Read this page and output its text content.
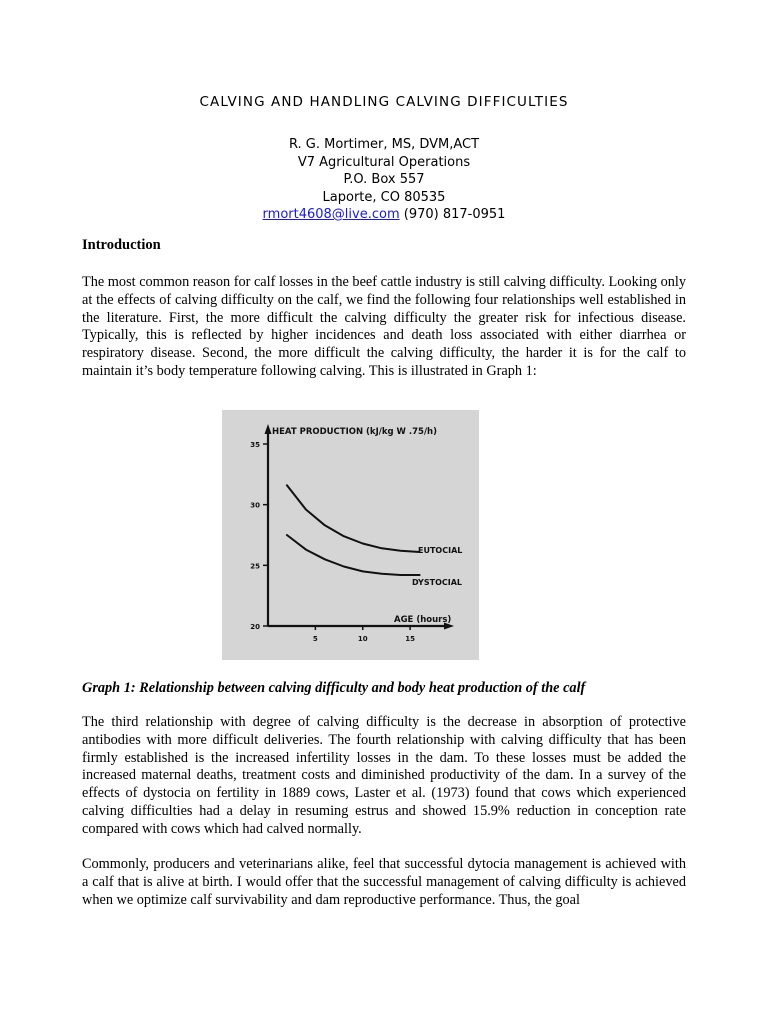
CALVING AND HANDLING CALVING DIFFICULTIES
R. G. Mortimer, MS, DVM,ACT
V7 Agricultural Operations
P.O. Box 557
Laporte, CO 80535
rmort4608@live.com (970) 817-0951
Introduction

The most common reason for calf losses in the beef cattle industry is still calving difficulty. Looking only at the effects of calving difficulty on the calf, we find the following four relationships well established in the literature. First, the more difficult the calving difficulty the greater risk for infectious disease. Typically, this is reflected by higher incidences and death loss associated with either diarrhea or respiratory disease. Second, the more difficult the calving difficulty, the harder it is for the calf to maintain it’s body temperature following calving. This is illustrated in Graph 1:

20
25
30
35
5	10	15
HEAT PRODUCTION (kJ/kg W .75/h)
AGE (hours)
EUTOCIAL
DYSTOCIAL
Graph 1: Relationship between calving difficulty and body heat production of the calf

The third relationship with degree of calving difficulty is the decrease in absorption of protective antibodies with more difficult deliveries. The fourth relationship with calving difficulty that has been firmly established is the increased infertility losses in the dam. To these losses must be added the increased maternal deaths, treatment costs and diminished productivity of the dam. In a survey of the effects of dystocia on fertility in 1889 cows, Laster et al. (1973) found that cows which experienced calving difficulties had a delay in resuming estrus and showed 15.9% reduction in conception rate compared with cows which had calved normally.

Commonly, producers and veterinarians alike, feel that successful dytocia management is achieved with a calf that is alive at birth. I would offer that the successful management of calving difficulty is achieved when we optimize calf survivability and dam reproductive performance. Thus, the goal
